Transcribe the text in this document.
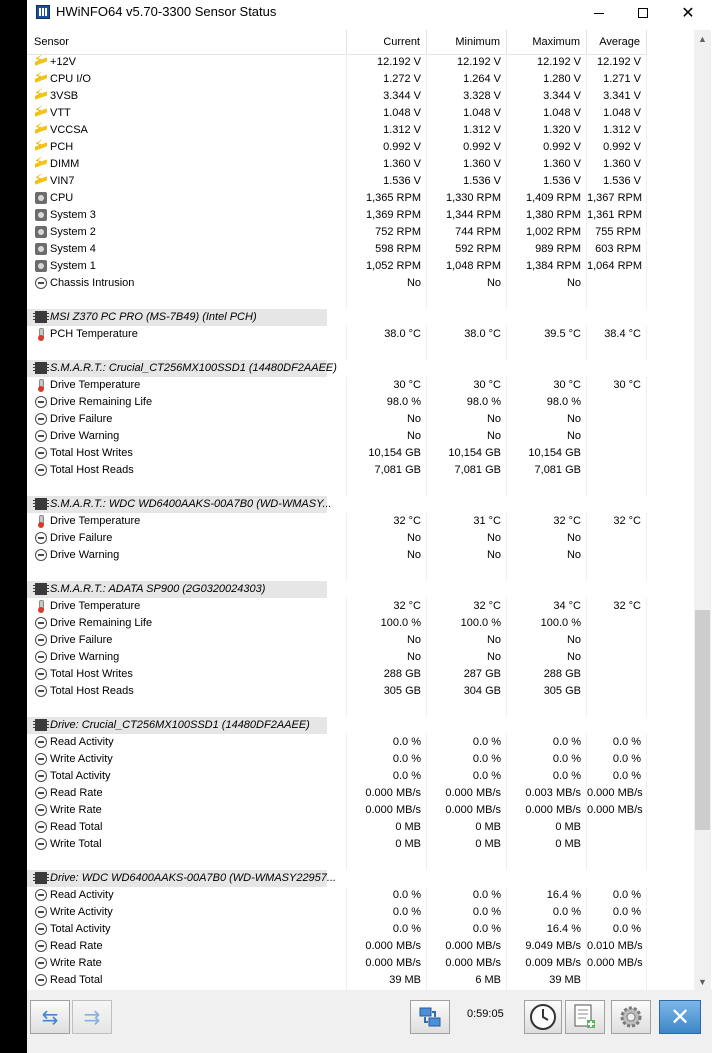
HWiNFO64 v5.70-3300 Sensor Status	✕
Sensor	Current	Minimum	Maximum	Average
⚡
+12V	12.192 V	12.192 V	12.192 V	12.192 V
⚡
CPU I/O	1.272 V	1.264 V	1.280 V	1.271 V
⚡
3VSB	3.344 V	3.328 V	3.344 V	3.341 V
⚡
VTT	1.048 V	1.048 V	1.048 V	1.048 V
⚡
VCCSA	1.312 V	1.312 V	1.320 V	1.312 V
⚡
PCH	0.992 V	0.992 V	0.992 V	0.992 V
⚡
DIMM	1.360 V	1.360 V	1.360 V	1.360 V
⚡
VIN7	1.536 V	1.536 V	1.536 V	1.536 V
CPU	1,365 RPM	1,330 RPM	1,409 RPM 1,367 RPM
System 3	1,369 RPM	1,344 RPM	1,380 RPM 1,361 RPM
System 2	752 RPM	744 RPM	1,002 RPM	755 RPM
System 4	598 RPM	592 RPM	989 RPM	603 RPM
System 1	1,052 RPM	1,048 RPM	1,384 RPM 1,064 RPM
Chassis Intrusion	No	No	No
MSI Z370 PC PRO (MS-7B49) (Intel PCH)
PCH Temperature	38.0 °C	38.0 °C	39.5 °C	38.4 °C
S.M.A.R.T.: Crucial_CT256MX100SSD1 (14480DF2AAEE)
Drive Temperature	30 °C	30 °C	30 °C	30 °C
Drive Remaining Life	98.0 %	98.0 %	98.0 %
Drive Failure	No	No	No
Drive Warning	No	No	No
Total Host Writes	10,154 GB	10,154 GB	10,154 GB
Total Host Reads	7,081 GB	7,081 GB	7,081 GB
S.M.A.R.T.: WDC WD6400AAKS-00A7B0 (WD-WMASY...
Drive Temperature	32 °C	31 °C	32 °C	32 °C
Drive Failure	No	No	No
Drive Warning	No	No	No
S.M.A.R.T.: ADATA SP900 (2G0320024303)
Drive Temperature	32 °C	32 °C	34 °C	32 °C
Drive Remaining Life	100.0 %	100.0 %	100.0 %
Drive Failure	No	No	No
Drive Warning	No	No	No
Total Host Writes	288 GB	287 GB	288 GB
Total Host Reads	305 GB	304 GB	305 GB
Drive: Crucial_CT256MX100SSD1 (14480DF2AAEE)
Read Activity	0.0 %	0.0 %	0.0 %	0.0 %
Write Activity	0.0 %	0.0 %	0.0 %	0.0 %
Total Activity	0.0 %	0.0 %	0.0 %	0.0 %
Read Rate	0.000 MB/s	0.000 MB/s	0.003 MB/s 0.000 MB/s
Write Rate	0.000 MB/s	0.000 MB/s	0.000 MB/s 0.000 MB/s
Read Total	0 MB	0 MB	0 MB
Write Total	0 MB	0 MB	0 MB
Drive: WDC WD6400AAKS-00A7B0 (WD-WMASY22957...
Read Activity	0.0 %	0.0 %	16.4 %	0.0 %
Write Activity	0.0 %	0.0 %	0.0 %	0.0 %
Total Activity	0.0 %	0.0 %	16.4 %	0.0 %
Read Rate	0.000 MB/s	0.000 MB/s	9.049 MB/s 0.010 MB/s
Write Rate	0.000 MB/s	0.000 MB/s	0.009 MB/s 0.000 MB/s
Read Total	39 MB	6 MB	39 MB
▲
▼
⇆ ⇉	0:59:05	✕
